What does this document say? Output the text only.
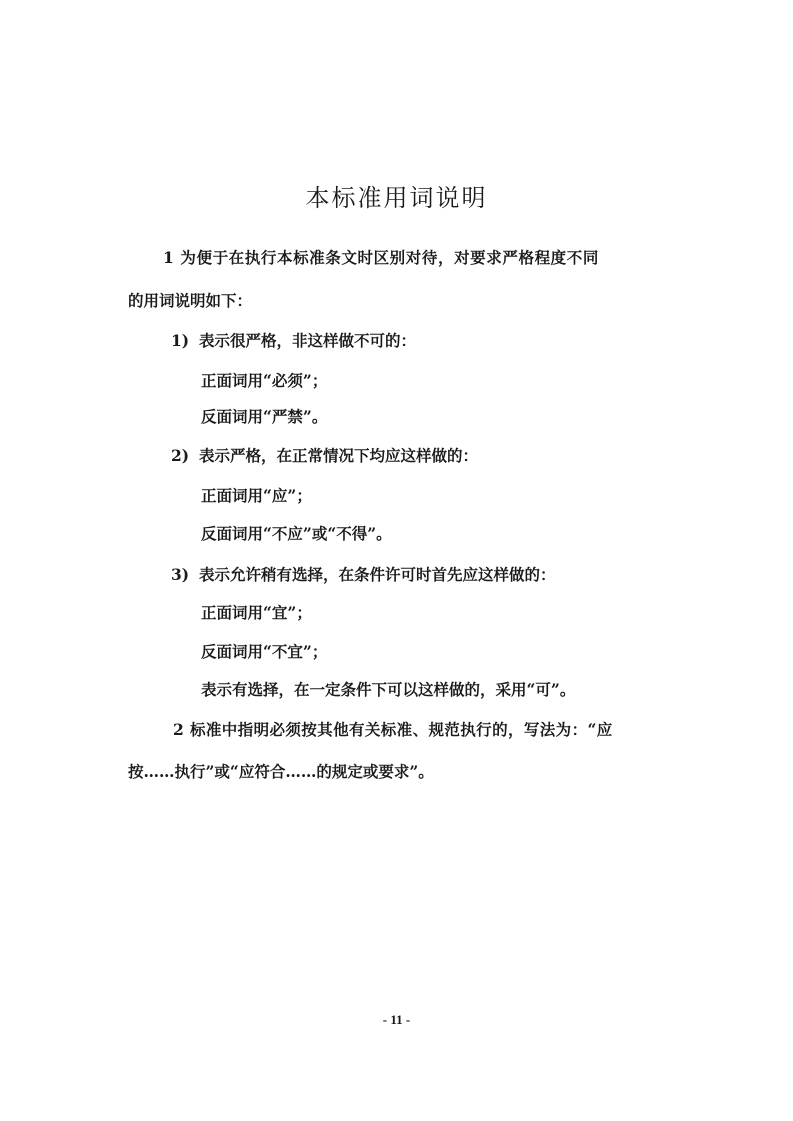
本标准用词说明
1 为便于在执行本标准条文时区别对待，对要求严格程度不同
的用词说明如下：
1) 表示很严格，非这样做不可的：
正面词用“必须”；
反面词用“严禁”。
2) 表示严格，在正常情况下均应这样做的：
正面词用“应”；
反面词用“不应”或“不得”。
3) 表示允许稍有选择，在条件许可时首先应这样做的：
正面词用“宜”；
反面词用“不宜”；
表示有选择，在一定条件下可以这样做的，采用“可”。
2 标准中指明必须按其他有关标准、规范执行的，写法为：“应
按……执行”或“应符合……的规定或要求”。
- 11 -
